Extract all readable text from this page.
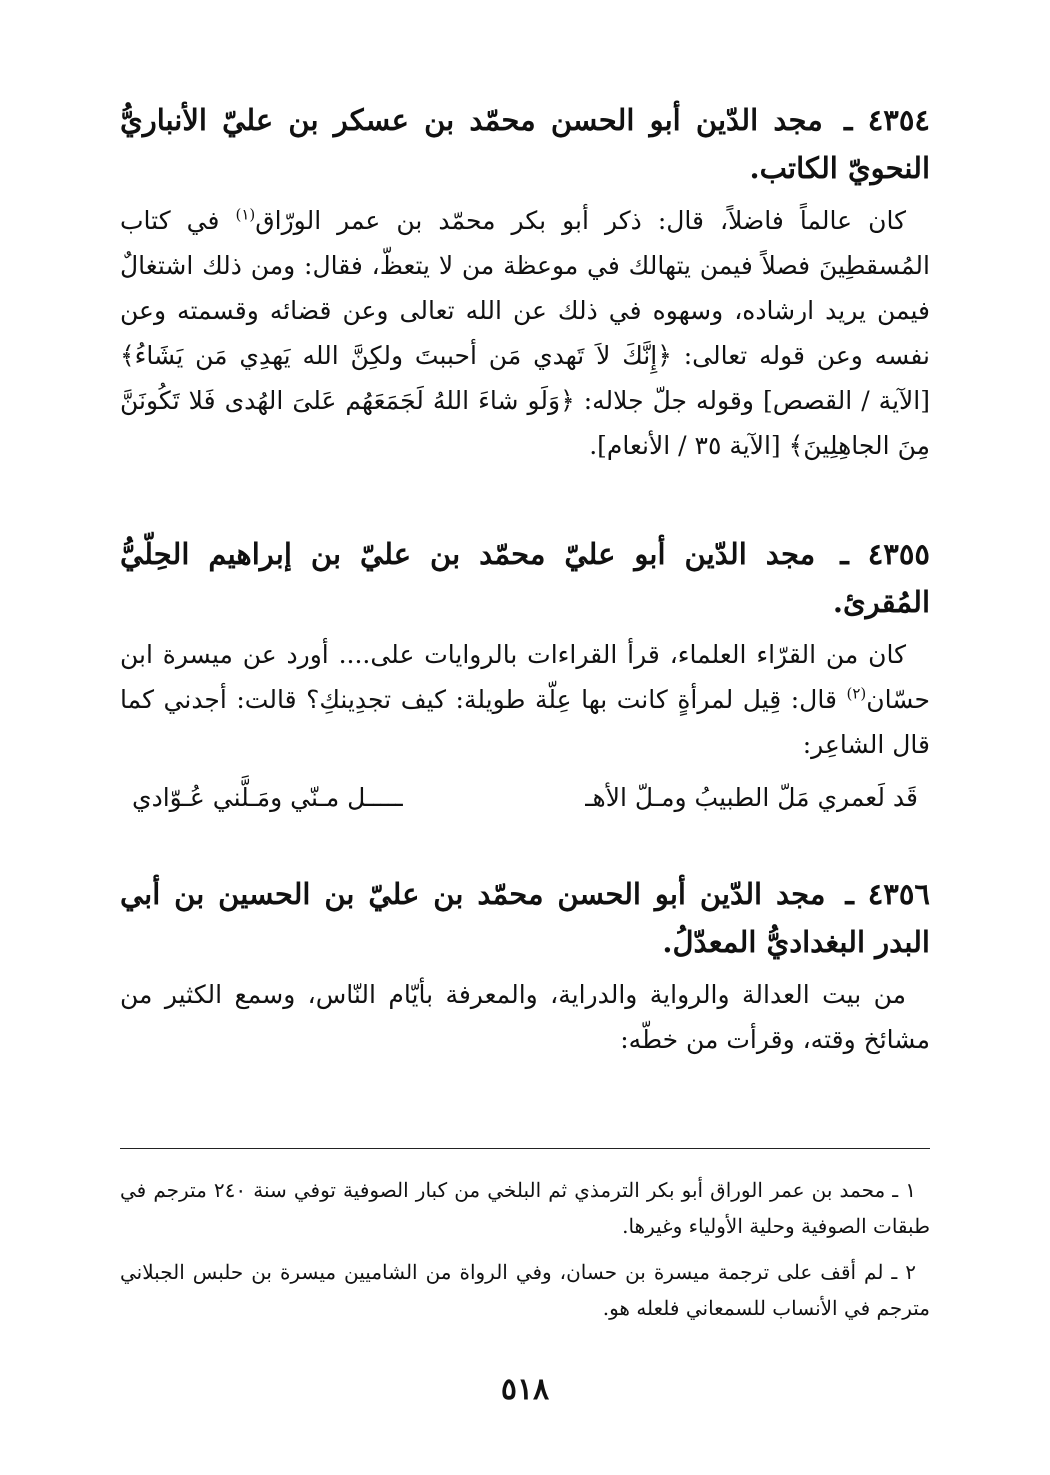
٤٣٥٤ ـ مجد الدّين أبو الحسن محمّد بن عسكر بن عليّ الأنباريُّ النحويّ الكاتب.

كان عالماً فاضلاً، قال: ذكر أبو بكر محمّد بن عمر الورّاق$^{(١)}$ في كتاب المُسقطِينَ فصلاً فيمن يتهالك في موعظة من لا يتعظّ، فقال: ومن ذلك اشتغالٌ فيمن يريد ارشاده، وسهوه في ذلك عن الله تعالى وعن قضائه وقسمته وعن نفسه وعن قوله تعالى: ﴿إِنَّكَ لاَ تَهدي مَن أحببتَ ولكِنَّ الله يَهدِي مَن يَشَاءُ﴾ [الآية / القصص] وقوله جلّ جلاله: ﴿وَلَو شاءَ اللهُ لَجَمَعَهُم عَلىَ الهُدى فَلا تَكُونَنَّ مِنَ الجاهِلِينَ﴾ [الآية ٣٥ / الأنعام].

٤٣٥٥ ـ مجد الدّين أبو عليّ محمّد بن عليّ بن إبراهيم الحِلّيُّ المُقرئ.

كان من القرّاء العلماء، قرأ القراءات بالروايات على.... أورد عن ميسرة ابن حسّان$^{(٢)}$ قال: قِيل لمرأةٍ كانت بها عِلّة طويلة: كيف تجدِينكِ؟ قالت: أجدني كما قال الشاعِر:

قَد لَعمري مَلّ الطبيبُ ومـلّ الأهـ
ـــــل مـنّي ومَـلَّني عُـوّادي
٤٣٥٦ ـ مجد الدّين أبو الحسن محمّد بن عليّ بن الحسين بن أبي البدر البغداديُّ المعدّلُ.

من بيت العدالة والرواية والدراية، والمعرفة بأيّام النّاس، وسمع الكثير من مشائخ وقته، وقرأت من خطّه:

١ ـ محمد بن عمر الوراق أبو بكر الترمذي ثم البلخي من كبار الصوفية توفي سنة ٢٤٠ مترجم في طبقات الصوفية وحلية الأولياء وغيرها.

٢ ـ لم أقف على ترجمة ميسرة بن حسان، وفي الرواة من الشاميين ميسرة بن حلبس الجبلاني مترجم في الأنساب للسمعاني فلعله هو.

٥١٨
